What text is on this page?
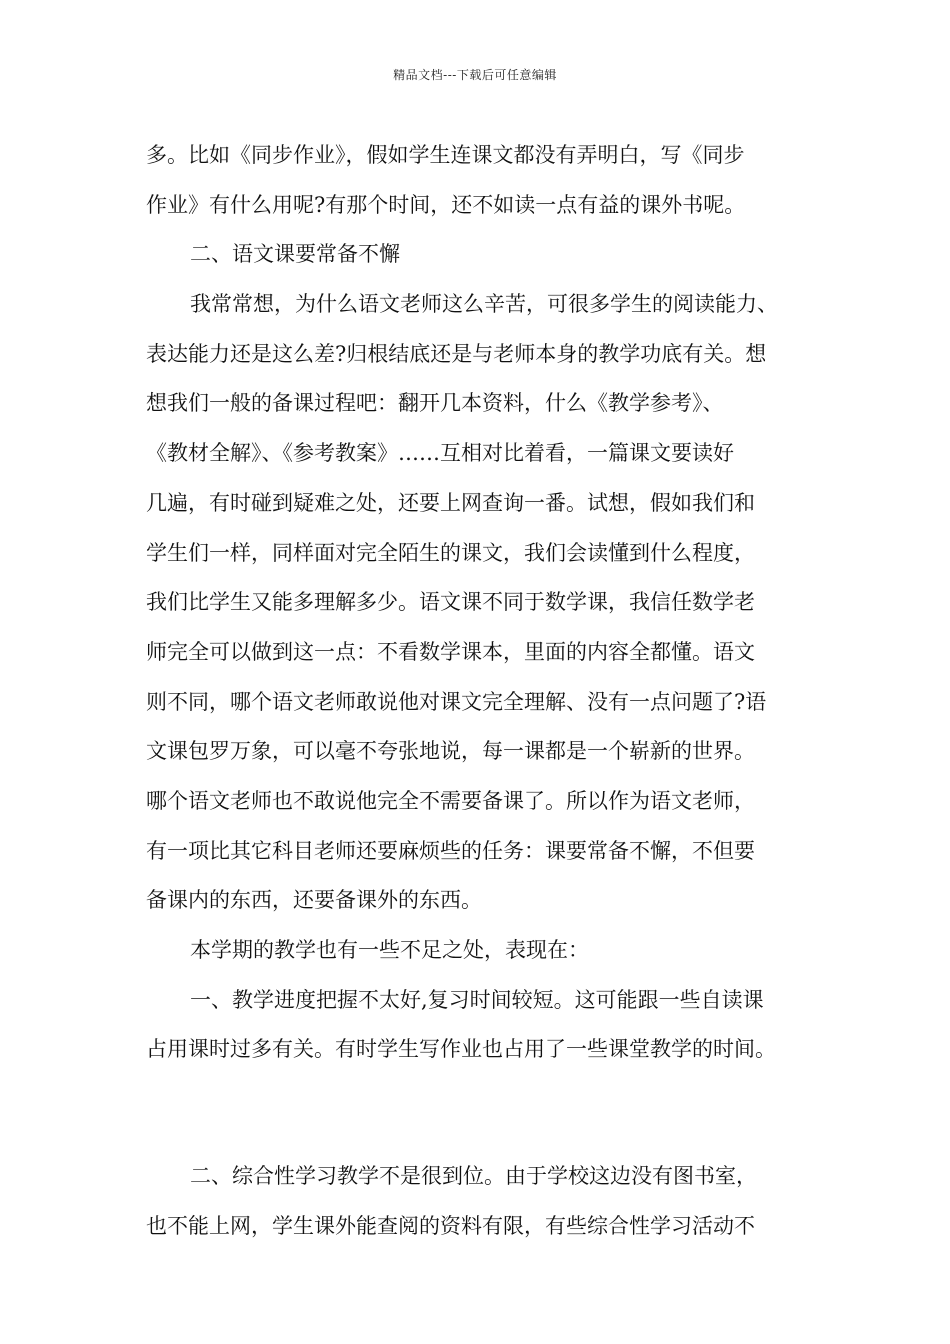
精品文档---下载后可任意编辑
多。比如《同步作业》，假如学生连课文都没有弄明白，写《同步
作业》有什么用呢?有那个时间，还不如读一点有益的课外书呢。
二、语文课要常备不懈
我常常想，为什么语文老师这么辛苦，可很多学生的阅读能力、
表达能力还是这么差?归根结底还是与老师本身的教学功底有关。想
想我们一般的备课过程吧：翻开几本资料，什么《教学参考》、
《教材全解》、《参考教案》……互相对比着看，一篇课文要读好
几遍，有时碰到疑难之处，还要上网查询一番。试想，假如我们和
学生们一样，同样面对完全陌生的课文，我们会读懂到什么程度，
我们比学生又能多理解多少。语文课不同于数学课，我信任数学老
师完全可以做到这一点：不看数学课本，里面的内容全都懂。语文
则不同，哪个语文老师敢说他对课文完全理解、没有一点问题了?语
文课包罗万象，可以毫不夸张地说，每一课都是一个崭新的世界。
哪个语文老师也不敢说他完全不需要备课了。所以作为语文老师，
有一项比其它科目老师还要麻烦些的任务：课要常备不懈，不但要
备课内的东西，还要备课外的东西。
本学期的教学也有一些不足之处，表现在：
一、教学进度把握不太好,复习时间较短。这可能跟一些自读课
占用课时过多有关。有时学生写作业也占用了一些课堂教学的时间。
二、综合性学习教学不是很到位。由于学校这边没有图书室，
也不能上网，学生课外能查阅的资料有限，有些综合性学习活动不
